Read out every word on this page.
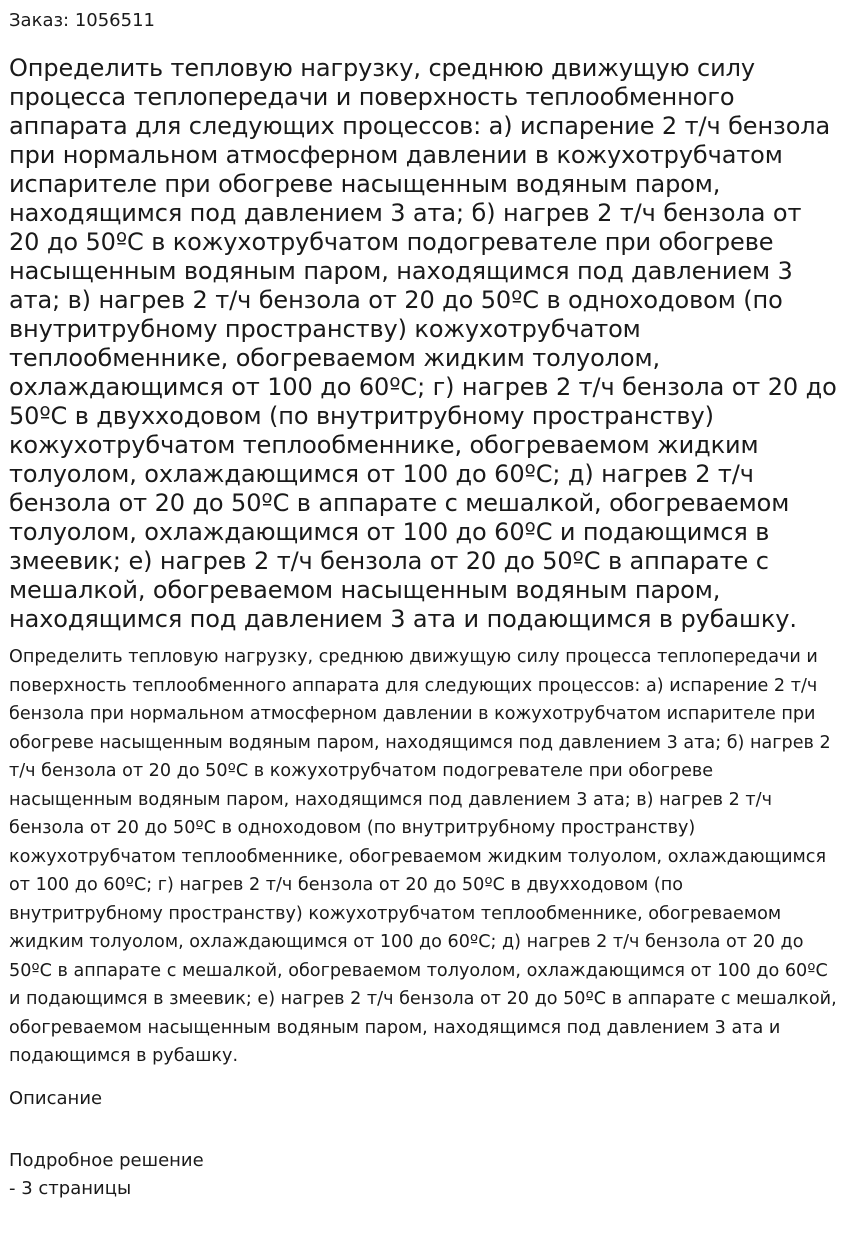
Заказ: 1056511
Определить тепловую нагрузку, среднюю движущую силу процесса теплопередачи и поверхность теплообменного аппарата для следующих процессов: а) испарение 2 т/ч бензола при нормальном атмосферном давлении в кожухотрубчатом испарителе при обогреве насыщенным водяным паром, находящимся под давлением 3 ата; б) нагрев 2 т/ч бензола от 20 до 50ºС в кожухотрубчатом подогревателе при обогреве насыщенным водяным паром, находящимся под давлением 3 ата; в) нагрев 2 т/ч бензола от 20 до 50ºС в одноходовом (по внутритрубному пространству) кожухотрубчатом теплообменнике, обогреваемом жидким толуолом, охлаждающимся от 100 до 60ºС; г) нагрев 2 т/ч бензола от 20 до 50ºС в двухходовом (по внутритрубному пространству) кожухотрубчатом теплообменнике, обогреваемом жидким толуолом, охлаждающимся от 100 до 60ºС; д) нагрев 2 т/ч бензола от 20 до 50ºС в аппарате с мешалкой, обогреваемом толуолом, охлаждающимся от 100 до 60ºС и подающимся в змеевик; е) нагрев 2 т/ч бензола от 20 до 50ºС в аппарате с мешалкой, обогреваемом насыщенным водяным паром, находящимся под давлением 3 ата и подающимся в рубашку.

Определить тепловую нагрузку, среднюю движущую силу процесса теплопередачи и поверхность теплообменного аппарата для следующих процессов: а) испарение 2 т/ч бензола при нормальном атмосферном давлении в кожухотрубчатом испарителе при обогреве насыщенным водяным паром, находящимся под давлением 3 ата; б) нагрев 2 т/ч бензола от 20 до 50ºС в кожухотрубчатом подогревателе при обогреве насыщенным водяным паром, находящимся под давлением 3 ата; в) нагрев 2 т/ч бензола от 20 до 50ºС в одноходовом (по внутритрубному пространству) кожухотрубчатом теплообменнике, обогреваемом жидким толуолом, охлаждающимся от 100 до 60ºС; г) нагрев 2 т/ч бензола от 20 до 50ºС в двухходовом (по внутритрубному пространству) кожухотрубчатом теплообменнике, обогреваемом жидким толуолом, охлаждающимся от 100 до 60ºС; д) нагрев 2 т/ч бензола от 20 до 50ºС в аппарате с мешалкой, обогреваемом толуолом, охлаждающимся от 100 до 60ºС и подающимся в змеевик; е) нагрев 2 т/ч бензола от 20 до 50ºС в аппарате с мешалкой, обогреваемом насыщенным водяным паром, находящимся под давлением 3 ата и подающимся в рубашку.

Описание
Подробное решение
- 3 страницы
